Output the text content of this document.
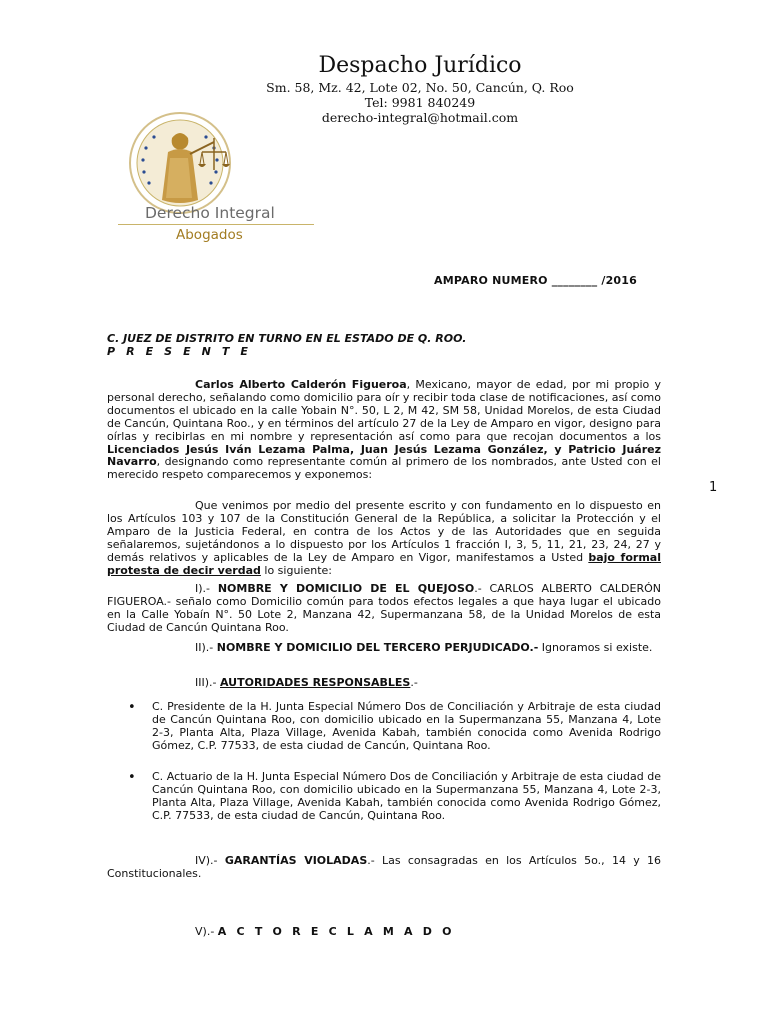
Despacho Jurídico
Sm. 58, Mz. 42, Lote 02, No. 50, Cancún, Q. Roo
Tel: 9981 840249
derecho-integral@hotmail.com
Derecho Integral
Abogados
AMPARO NUMERO ________ /2016
C. JUEZ DE DISTRITO EN TURNO EN EL ESTADO DE Q. ROO.
P R E S E N T E
Carlos Alberto Calderón Figueroa, Mexicano, mayor de edad, por mi propio y personal derecho, señalando como domicilio para oír y recibir toda clase de notificaciones, así como documentos el ubicado en la calle Yobain N°. 50, L 2, M 42, SM 58, Unidad Morelos, de esta Ciudad de Cancún, Quintana Roo., y en términos del artículo 27 de la Ley de Amparo en vigor, designo para oírlas y recibirlas en mi nombre y representación así como para que recojan documentos a los Licenciados Jesús Iván Lezama Palma, Juan Jesús Lezama González, y Patricio Juárez Navarro, designando como representante común al primero de los nombrados, ante Usted con el merecido respeto comparecemos y exponemos:
Que venimos por medio del presente escrito y con fundamento en lo dispuesto en los Artículos 103 y 107 de la Constitución General de la República, a solicitar la Protección y el Amparo de la Justicia Federal, en contra de los Actos y de las Autoridades que en seguida señalaremos, sujetándonos a lo dispuesto por los Artículos 1 fracción I, 3, 5, 11, 21, 23, 24, 27 y demás relativos y aplicables de la Ley de Amparo en Vigor, manifestamos a Usted bajo formal protesta de decir verdad lo siguiente:
I).- NOMBRE Y DOMICILIO DE EL QUEJOSO.- CARLOS ALBERTO CALDERÓN FIGUEROA.- señalo como Domicilio común para todos efectos legales a que haya lugar el ubicado en la Calle Yobaín N°. 50 Lote 2, Manzana 42, Supermanzana 58, de la Unidad Morelos de esta Ciudad de Cancún Quintana Roo.
II).- NOMBRE Y DOMICILIO DEL TERCERO PERJUDICADO.- Ignoramos si existe.
III).- AUTORIDADES RESPONSABLES.-
• C. Presidente de la H. Junta Especial Número Dos de Conciliación y Arbitraje de esta ciudad de Cancún Quintana Roo, con domicilio ubicado en la Supermanzana 55, Manzana 4, Lote 2-3, Planta Alta, Plaza Village, Avenida Kabah, también conocida como Avenida Rodrigo Gómez, C.P. 77533, de esta ciudad de Cancún, Quintana Roo.
• C. Actuario de la H. Junta Especial Número Dos de Conciliación y Arbitraje de esta ciudad de Cancún Quintana Roo, con domicilio ubicado en la Supermanzana 55, Manzana 4, Lote 2-3, Planta Alta, Plaza Village, Avenida Kabah, también conocida como Avenida Rodrigo Gómez, C.P. 77533, de esta ciudad de Cancún, Quintana Roo.
IV).- GARANTÍAS VIOLADAS.- Las consagradas en los Artículos 5o., 14 y 16 Constitucionales.
V).- A C T O R E C L A M A D O
1
